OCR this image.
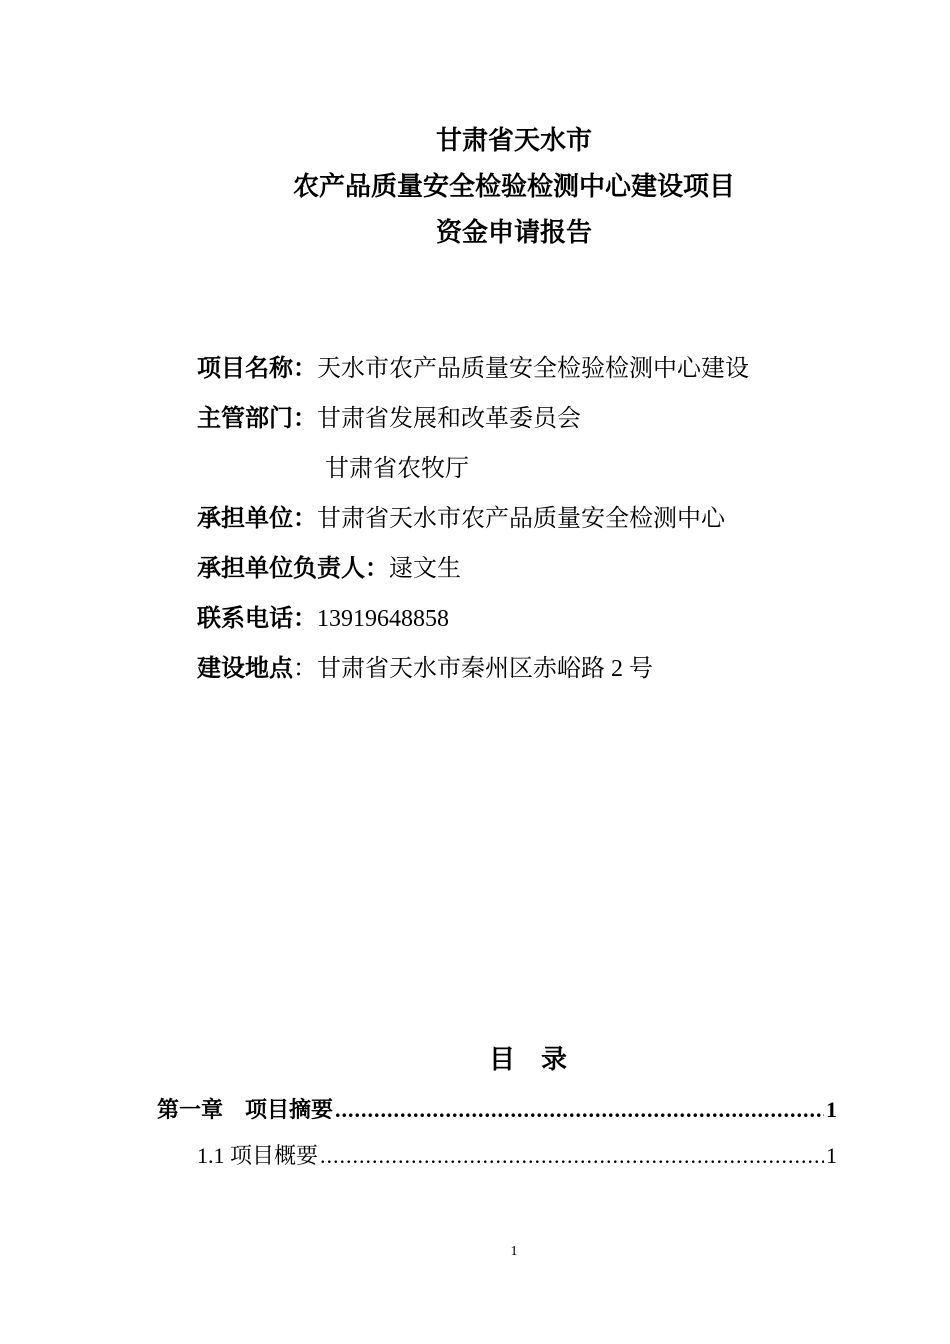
甘肃省天水市
农产品质量安全检验检测中心建设项目
资金申请报告
项目名称：天水市农产品质量安全检验检测中心建设
主管部门：甘肃省发展和改革委员会
甘肃省农牧厅
承担单位：甘肃省天水市农产品质量安全检测中心
承担单位负责人：逯文生
联系电话：13919648858
建设地点：甘肃省天水市秦州区赤峪路 2 号
目　录
第一章　项目摘要 .....	1
1.1 项目概要 .....	1
1
